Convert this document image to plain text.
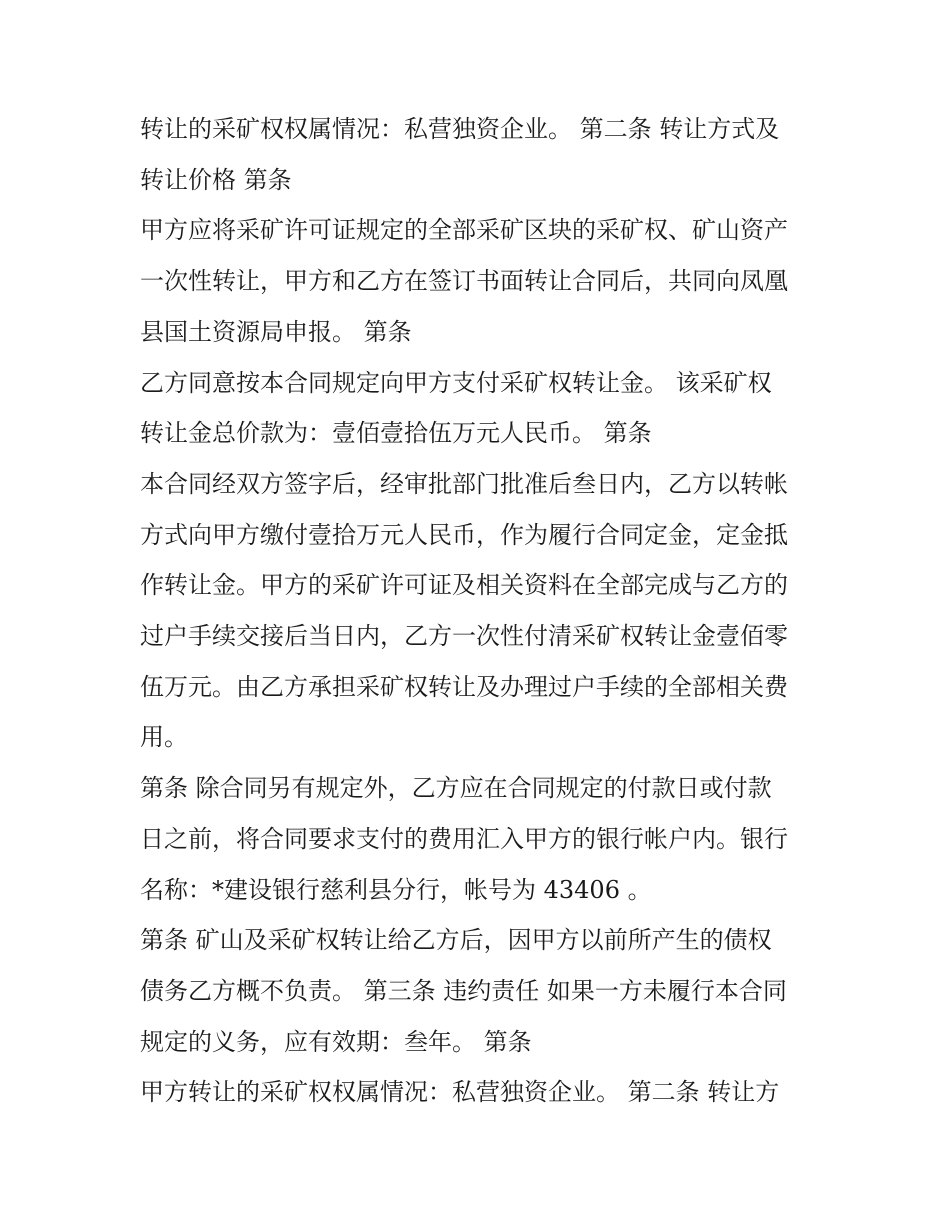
转让的采矿权权属情况：私营独资企业。 第二条 转让方式及
转让价格 第条

甲方应将采矿许可证规定的全部采矿区块的采矿权、矿山资产
一次性转让，甲方和乙方在签订书面转让合同后，共同向凤凰
县国土资源局申报。 第条

乙方同意按本合同规定向甲方支付采矿权转让金。 该采矿权
转让金总价款为：壹佰壹拾伍万元人民币。 第条

本合同经双方签字后，经审批部门批准后叁日内，乙方以转帐
方式向甲方缴付壹拾万元人民币，作为履行合同定金，定金抵
作转让金。甲方的采矿许可证及相关资料在全部完成与乙方的
过户手续交接后当日内，乙方一次性付清采矿权转让金壹佰零
伍万元。由乙方承担采矿权转让及办理过户手续的全部相关费
用。

第条 除合同另有规定外，乙方应在合同规定的付款日或付款
日之前，将合同要求支付的费用汇入甲方的银行帐户内。银行
名称：*建设银行慈利县分行，帐号为 43406 。

第条 矿山及采矿权转让给乙方后，因甲方以前所产生的债权
债务乙方概不负责。 第三条 违约责任 如果一方未履行本合同
规定的义务，应有效期：叁年。 第条

甲方转让的采矿权权属情况：私营独资企业。 第二条 转让方
